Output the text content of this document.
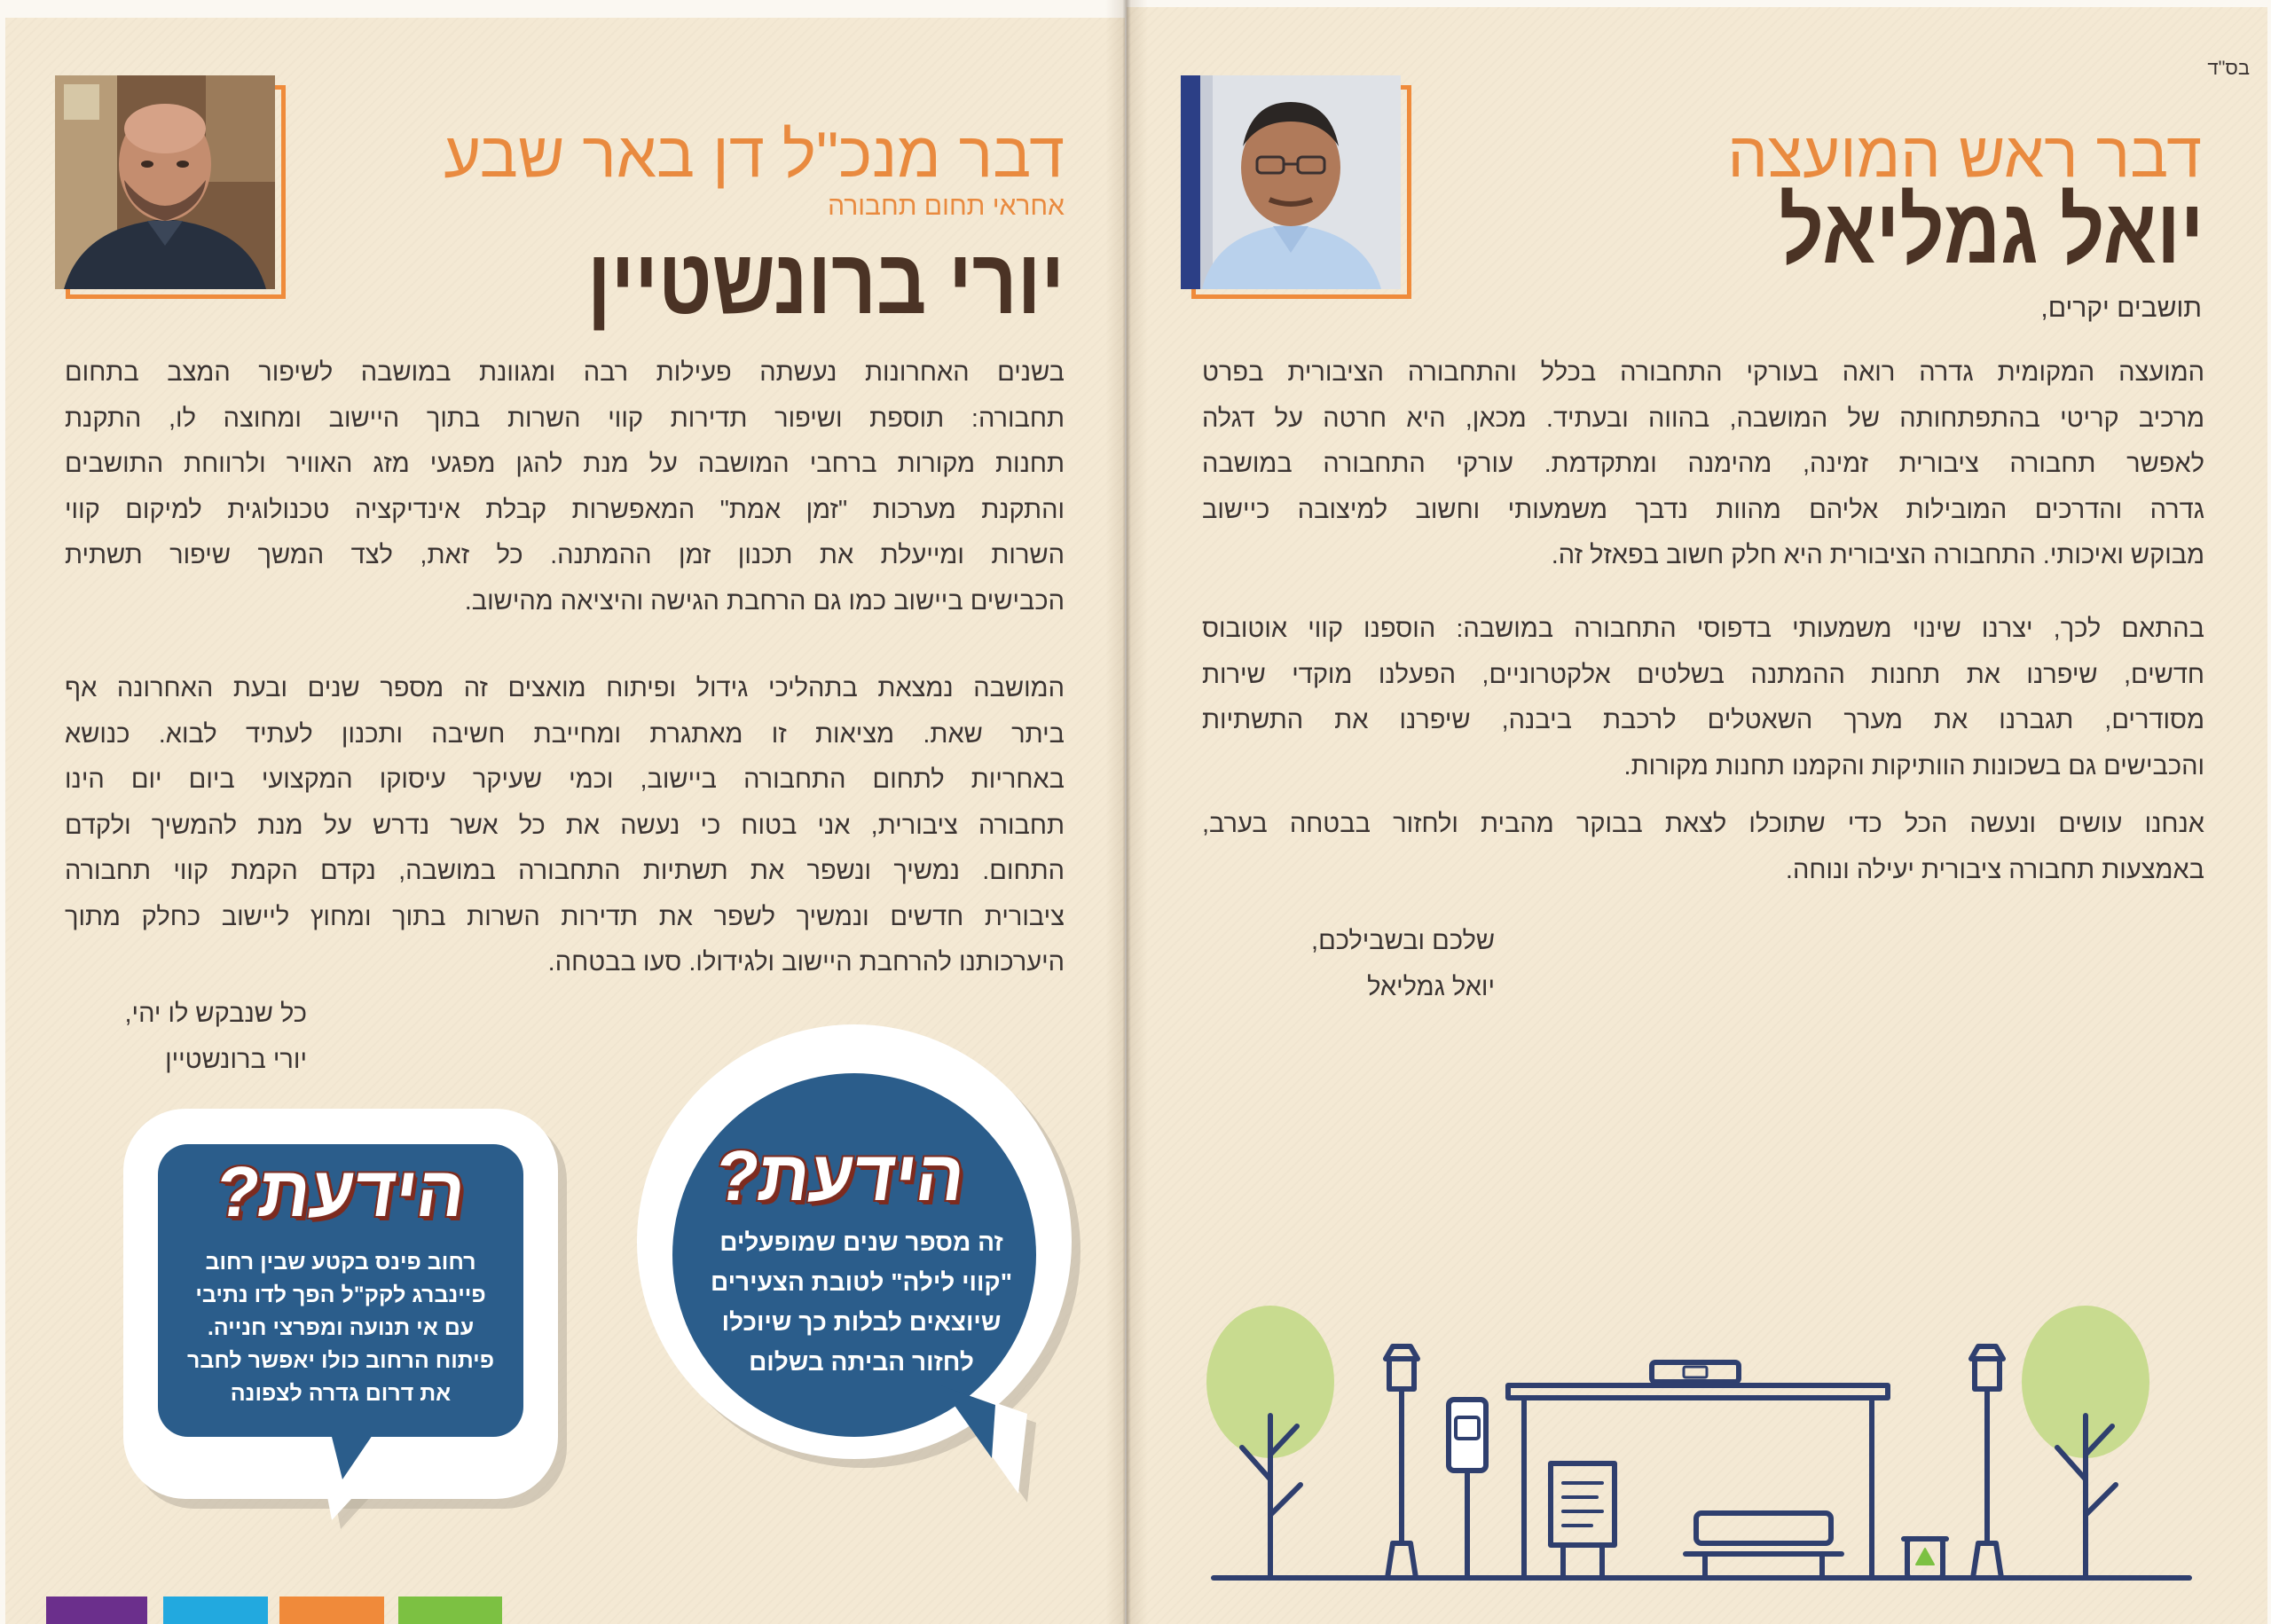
בס"ד
דבר ראש המועצה
יואל גמליאל
תושבים יקרים,
המועצה המקומית גדרה רואה בעורקי התחבורה בכלל והתחבורה הציבורית בפרט
מרכיב קריטי בהתפתחותה של המושבה, בהווה ובעתיד. מכאן, היא חרטה על דגלה
לאפשר תחבורה ציבורית זמינה, מהימנה ומתקדמת. עורקי התחבורה במושבה
גדרה והדרכים המובילות אליהם מהוות נדבך משמעותי וחשוב למיצובה כיישוב
מבוקש ואיכותי. התחבורה הציבורית היא חלק חשוב בפאזל זה.
בהתאם לכך, יצרנו שינוי משמעותי בדפוסי התחבורה במושבה: הוספנו קווי אוטובוס
חדשים, שיפרנו את תחנות ההמתנה בשלטים אלקטרוניים, הפעלנו מוקדי שירות
מסודרים, תגברנו את מערך השאטלים לרכבת ביבנה, שיפרנו את התשתיות
והכבישים גם בשכונות הוותיקות והקמנו תחנות מקורות.
אנחנו עושים ונעשה הכל כדי שתוכלו לצאת בבוקר מהבית ולחזור בבטחה בערב,
באמצעות תחבורה ציבורית יעילה ונוחה.
שלכם ובשבילכם,
יואל גמליאל
דבר מנכ"ל דן באר שבע
אחראי תחום תחבורה
יורי ברונשטיין
בשנים האחרונות נעשתה פעילות רבה ומגוונת במושבה לשיפור המצב בתחום
תחבורה: תוספת ושיפור תדירות קווי השרות בתוך היישוב ומחוצה לו, התקנת
תחנות מקורות ברחבי המושבה על מנת להגן מפגעי מזג האוויר ולרווחת התושבים
והתקנת מערכות "זמן אמת" המאפשרות קבלת אינדיקציה טכנולוגית למיקום קווי
השרות ומייעלת את תכנון זמן ההמתנה. כל זאת, לצד המשך שיפור תשתית
הכבישים ביישוב כמו גם הרחבת הגישה והיציאה מהישוב.
המושבה נמצאת בתהליכי גידול ופיתוח מואצים זה מספר שנים ובעת האחרונה אף
ביתר שאת. מציאות זו מאתגרת ומחייבת חשיבה ותכנון לעתיד לבוא. כנושא
באחריות לתחום התחבורה ביישוב, וכמי שעיקר עיסוקו המקצועי ביום יום הינו
תחבורה ציבורית, אני בטוח כי נעשה את כל אשר נדרש על מנת להמשיך ולקדם
התחום. נמשיך ונשפר את תשתיות התחבורה במושבה, נקדם הקמת קווי תחבורה
ציבורית חדשים ונמשיך לשפר את תדירות השרות בתוך ומחוץ ליישוב כחלק מתוך
היערכותנו להרחבת היישוב ולגידולו. סעו בבטחה.
כל שנבקש לו יהי,
יורי ברונשטיין
הידעת?
רחוב פינס בקטע שבין רחוב
פיינברג לקק"ל הפך לדו נתיבי
עם אי תנועה ומפרצי חנייה.
פיתוח הרחוב כולו יאפשר לחבר
את דרום גדרה לצפונה
הידעת?
זה מספר שנים שמופעלים
"קווי לילה" לטובת הצעירים
שיוצאים לבלות כך שיוכלו
לחזור הביתה בשלום
